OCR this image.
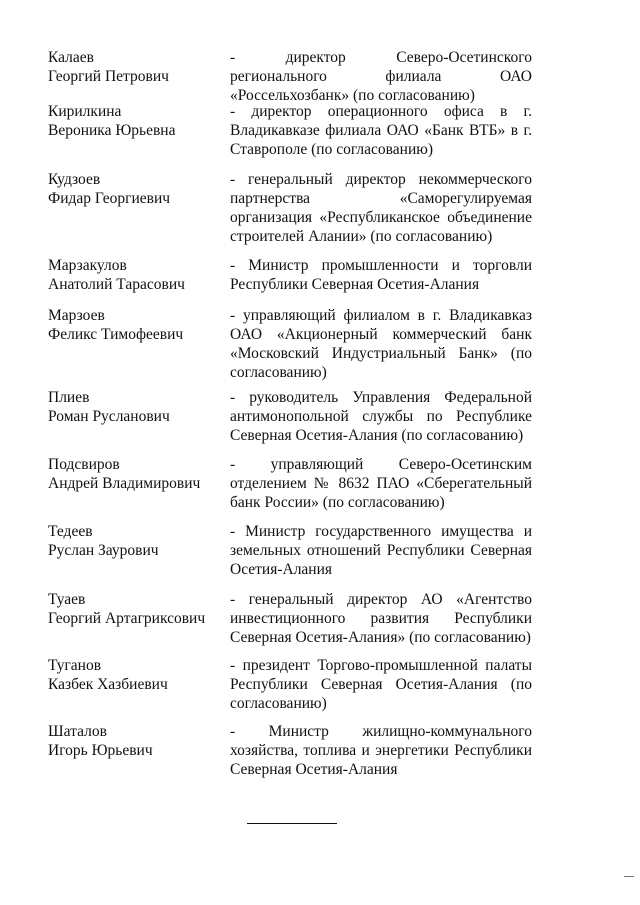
Калаев
Георгий Петрович
- директор Северо-Осетинского регионального филиала ОАО «Россельхозбанк» (по согласованию)
Кирилкина
Вероника Юрьевна
- директор операционного офиса в г. Владикавказе филиала ОАО «Банк ВТБ» в г. Ставрополе (по согласованию)
Кудзоев
Фидар Георгиевич
- генеральный директор некоммерческого партнерства «Саморегулируемая организация «Республиканское объединение строителей Алании» (по согласованию)
Марзакулов
Анатолий Тарасович
- Министр промышленности и торговли Республики Северная Осетия-Алания
Марзоев
Феликс Тимофеевич
- управляющий филиалом в г. Владикавказ ОАО «Акционерный коммерческий банк «Московский Индустриальный Банк» (по согласованию)
Плиев
Роман Русланович
- руководитель Управления Федеральной антимонопольной службы по Республике Северная Осетия-Алания (по согласованию)
Подсвиров
Андрей Владимирович
- управляющий Северо-Осетинским отделением № 8632 ПАО «Сберегательный банк России» (по согласованию)
Тедеев
Руслан Заурович
- Министр государственного имущества и земельных отношений Республики Северная Осетия-Алания
Туаев
Георгий Артагриксович
- генеральный директор АО «Агентство инвестиционного развития Республики Северная Осетия-Алания» (по согласованию)
Туганов
Казбек Хазбиевич
- президент Торгово-промышленной палаты Республики Северная Осетия-Алания (по согласованию)
Шаталов
Игорь Юрьевич
- Министр жилищно-коммунального хозяйства, топлива и энергетики Республики Северная Осетия-Алания
